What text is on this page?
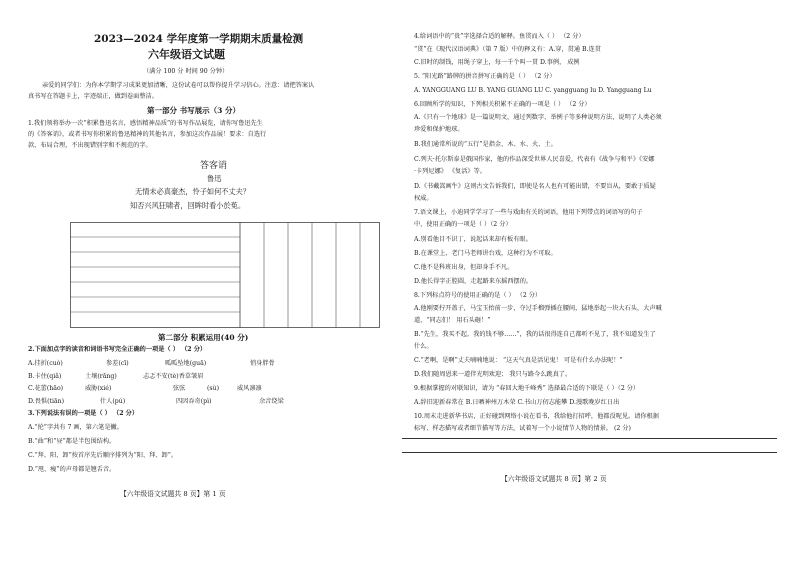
2023—2024 学年度第一学期期末质量检测
六年级语文试题
（满分 100 分 时间 90 分钟）
亲爱的同学们：为你本学期学习成果更加清晰，这份试卷可以帮你提升学习信心。注意：请把答案认
真书写在答题卡上，字迹端正，做到卷面整洁。
第一部分 书写展示（3 分）
1.我们领将举办一次“积累鲁迅名言，感悟精神品质”的书写作品展览，请你写鲁迅先生
的《答客诮》，或者书写你积累的鲁迅精神的其他名言，参加这次作品展！要求：自选行
款、布局合理，不出现错别字和不规范的字。
答客诮
鲁迅
无情未必真豪杰，怜子如何不丈夫？
知否兴风狂啸者，回眸时看小於菟。
第二部分 积累运用(40 分)
2.下面加点字的读音和词语书写完全正确的一项是（ ） （2 分）
A.挂折(cuò)	参差(cī)	呱呱坠地(guā)	悄身胖骨
B.卡住(qiǎ)	土壤(rǎng)	忐忑不安(tè)香草皱眉
C.花蕾(hāo)	威胁(xié)	弦弦	(sù)	威风凛凛
D.畏惧(tiān)	什人(pú)	四因吞奇(pì)	余音绕梁
3.下列说法有误的一项是（ ） （2 分）
A.“抡”字共有 7 画，第六笔是撇。
B.“曲”和“昼”都是半包围结构。
C.“拜、阳、卸”按首序先后顺序排列为“阳、拜、卸”。
D.“甩、瘦”的声母都是翘舌音。
【六年级语文试题共 8 页】第 1 页
4.给词语中的“贵”字选择合适的解释。鱼贯而入（ ） （2 分）
“贯”在《现代汉语词典》（第 7 版）中的释义有：A.穿，贯通 B.连贯
C.旧时的制钱，用绳子穿上，每一千个叫一贯 D.事例， 成例
5. “阳光路”路牌的拼音拼写正确的是（ ） （2 分）
A. YANGGUANG LU B. YANG GUANG LU C. yangguang lu D. Yangguang Lu
6.回顾所学的知识，下列相关积累不正确的一项是（ ） （2 分）
A.《只有一个地球》是一篇说明文，通过列数字、举例子等多种说明方法，说明了人类必须
珍爱和保护地球。
B.我们通常所说的“五行”是指金、木、水、火、土。
C.列夫·托尔斯泰是俄国作家，他的作品深受世界人民喜爱，代表有《战争与和平》《安娜
·卡列尼娜》 《复活》等。
D.《书戴嵩画牛》这则古文告诉我们，即使是名人也有可能出错，不要盲从，要敢于质疑
权威。
7.语文课上，小迪同学学习了一些与戏曲有关的词语，他用下列带点的词语写的句子
中，使用正确的一项是（ ）（2 分）
A.别看他目不识丁，说起话来却有板有眼。
B.在课堂上，老门马老师讲台戏，这种行为不可取。
C.他不是科班出身，但却身手不凡。
D.他长得字正腔圆，走起路来东摇西摆的。
8.下列标点符号的使用正确的是（ ） （2 分）
A.他刚要拧开盖子，马宝玉抬前一步，夺过手榴弹插在腰间，猛地举起一块大石头，大声喊
道，“同志们！ 用石头砸！”
B.“先生，我买不起，我的钱不够……”，我的话很得连自己都听不见了，我不知道发生了
什么。
C.“老啊，是啊”丈夫喃喃地说： “这天气真是活见鬼！ 可是有什么办法呢！”
D.我们随周恩来一道伴光明欢迎； 我只与路今么跳真了。
9.根据掌握的对联知识，请为 “春回大地千峰秀” 选择最合适的下联是（ ）（2 分）
A.辞旧迎新春常在 B.日晒神州万木荣 C.书山万仞志能攀 D.漫歌晚岁红日出
10.周末走进新华书店，正好碰到网络小说在看书，我给他打招呼，他都没呢见。请你根据
标写、样态描写或者细节描写等方法，试着写一个小说情节人物的情景。 (2 分)
【六年级语文试题共 8 页】第 2 页
